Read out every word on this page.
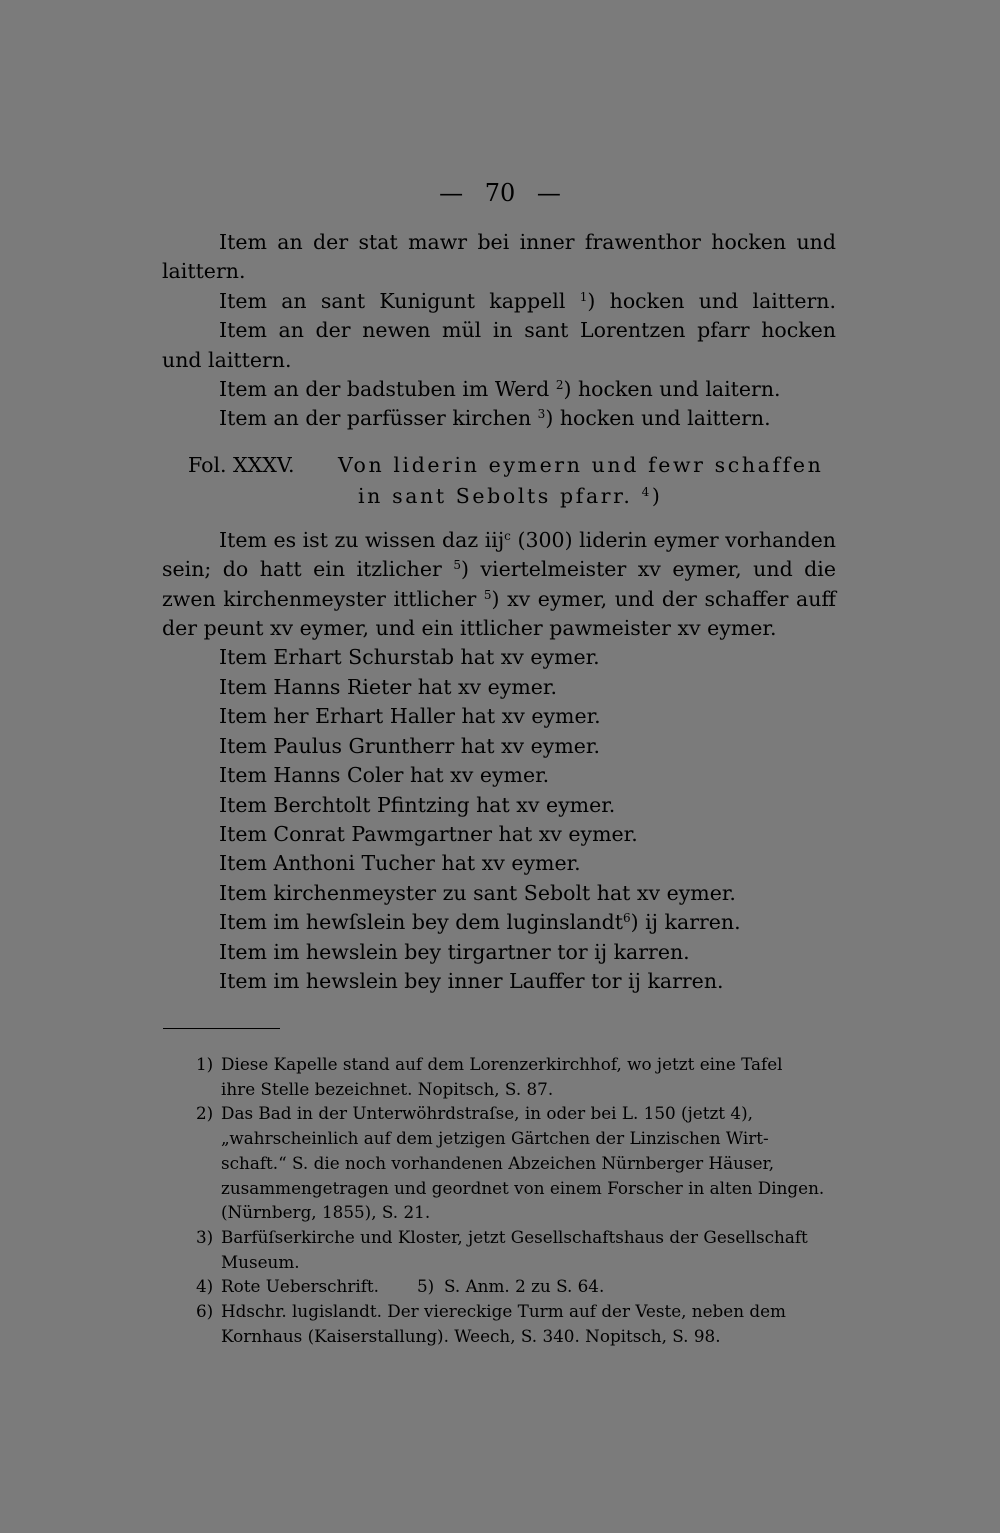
— 70 —

Item an der stat mawr bei inner frawenthor hocken und laittern.

Item an sant Kunigunt kappell $^1$) hocken und laittern.

Item an der newen mül in sant Lorentzen pfarr hocken und laittern.

Item an der badstuben im Werd $^2$) hocken und laitern.

Item an der parfüsser kirchen $^3$) hocken und laittern.

Fol. XXXV.	Von liderin eymern und fewr schaffen
in sant Sebolts pfarr. $^4$)

Item es ist zu wissen daz iij$^c$ (300) liderin eymer vorhanden sein; do hatt ein itzlicher $^5$) viertelmeister xv eymer, und die zwen kirchenmeyster ittlicher $^5$) xv eymer, und der schaffer auff der peunt xv eymer, und ein ittlicher pawmeister xv eymer.

Item Erhart Schurstab hat xv eymer.

Item Hanns Rieter hat xv eymer.

Item her Erhart Haller hat xv eymer.

Item Paulus Gruntherr hat xv eymer.

Item Hanns Coler hat xv eymer.

Item Berchtolt Pfintzing hat xv eymer.

Item Conrat Pawmgartner hat xv eymer.

Item Anthoni Tucher hat xv eymer.

Item kirchenmeyster zu sant Sebolt hat xv eymer.

Item im hewſslein bey dem luginslandt$^6$) ij karren.

Item im hewslein bey tirgartner tor ij karren.

Item im hewslein bey inner Lauffer tor ij karren.

1) Diese Kapelle stand auf dem Lorenzerkirchhof, wo jetzt eine Tafel
ihre Stelle bezeichnet. Nopitsch, S. 87.
2) Das Bad in der Unterwöhrdstraſse, in oder bei L. 150 (jetzt 4),
„wahrscheinlich auf dem jetzigen Gärtchen der Linzischen Wirt-
schaft.“ S. die noch vorhandenen Abzeichen Nürnberger Häuser,
zusammengetragen und geordnet von einem Forscher in alten Dingen.
(Nürnberg, 1855), S. 21.
3) Barfüſserkirche und Kloster, jetzt Gesellschaftshaus der Gesellschaft
Museum.
4) Rote Ueberschrift.	5) S. Anm. 2 zu S. 64.
6) Hdschr. lugislandt. Der viereckige Turm auf der Veste, neben dem
Kornhaus (Kaiserstallung). Weech, S. 340. Nopitsch, S. 98.
